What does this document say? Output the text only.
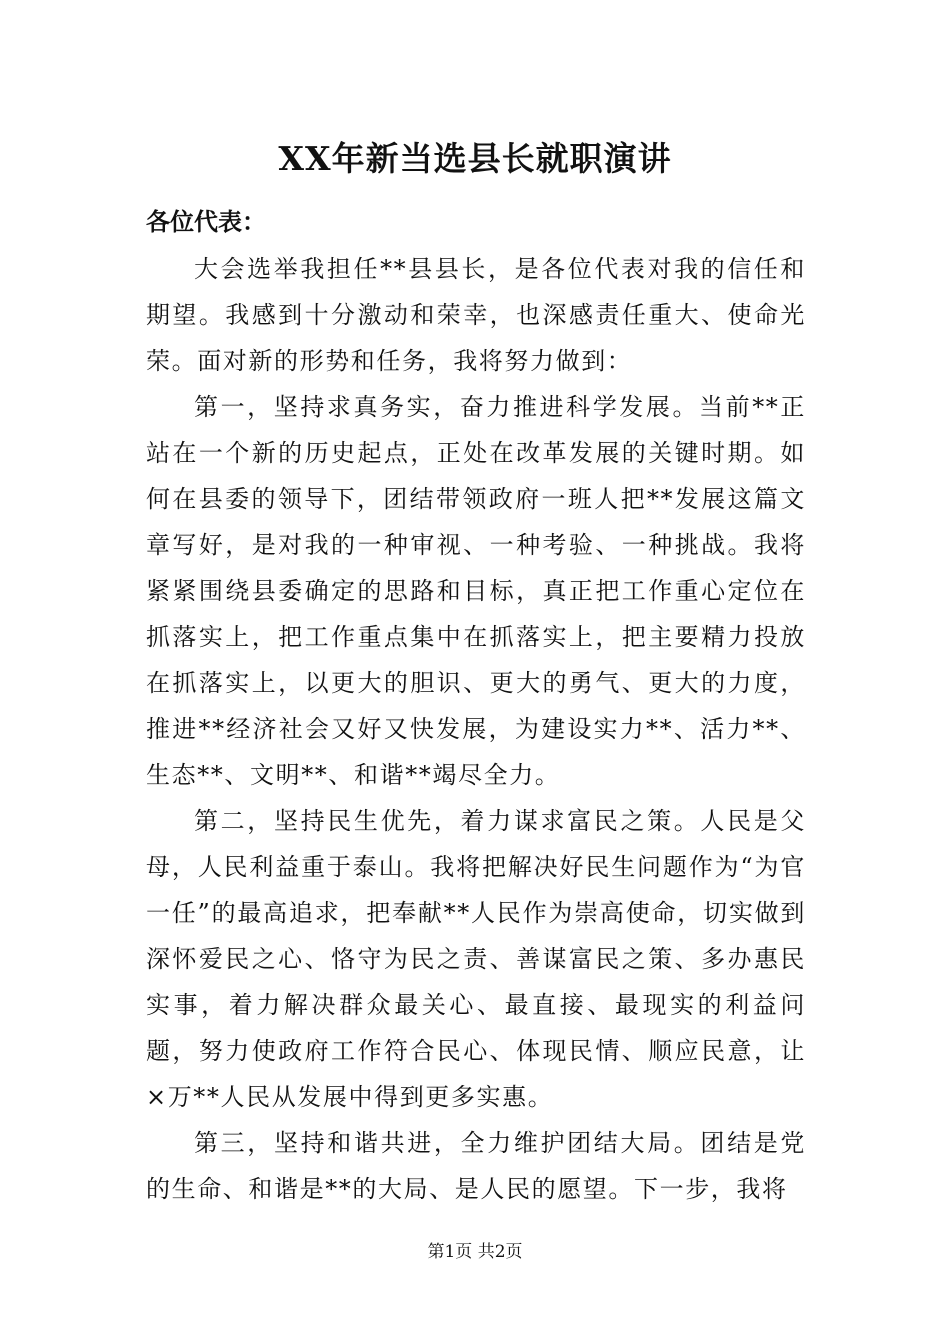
XX年新当选县长就职演讲
各位代表：

大会选举我担任**县县长，是各位代表对我的信任和期望。我感到十分激动和荣幸，也深感责任重大、使命光荣。面对新的形势和任务，我将努力做到：

第一，坚持求真务实，奋力推进科学发展。当前**正站在一个新的历史起点，正处在改革发展的关键时期。如何在县委的领导下，团结带领政府一班人把**发展这篇文章写好，是对我的一种审视、一种考验、一种挑战。我将紧紧围绕县委确定的思路和目标，真正把工作重心定位在抓落实上，把工作重点集中在抓落实上，把主要精力投放在抓落实上，以更大的胆识、更大的勇气、更大的力度，推进**经济社会又好又快发展，为建设实力**、活力**、生态**、文明**、和谐**竭尽全力。

第二，坚持民生优先，着力谋求富民之策。人民是父母，人民利益重于泰山。我将把解决好民生问题作为“为官一任”的最高追求，把奉献**人民作为崇高使命，切实做到深怀爱民之心、恪守为民之责、善谋富民之策、多办惠民实事，着力解决群众最关心、最直接、最现实的利益问题，努力使政府工作符合民心、体现民情、顺应民意，让×万**人民从发展中得到更多实惠。

第三，坚持和谐共进，全力维护团结大局。团结是党的生命、和谐是**的大局、是人民的愿望。下一步，我将

第1页 共2页
